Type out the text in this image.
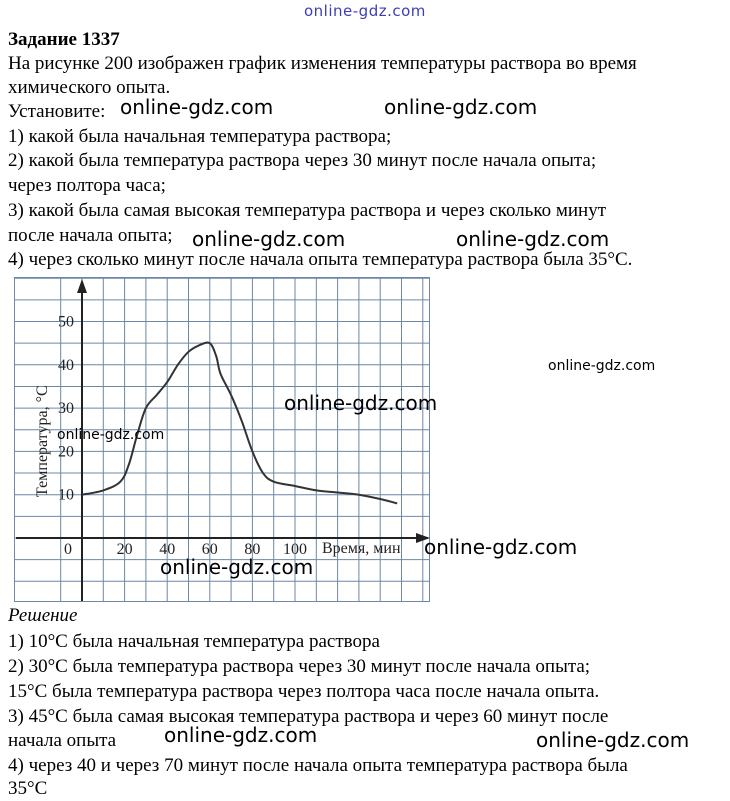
online-gdz.com
Задание 1337
На рисунке 200 изображен график изменения температуры раствора во время
химического опыта.
Установите:
1) какой была начальная температура раствора;
2) какой была температура раствора через 30 минут после начала опыта;
через полтора часа;
3) какой была самая высокая температура раствора и через сколько минут
после начала опыта;
4) через сколько минут после начала опыта температура раствора была 35°С.
0	20 40 60 80 100
10
20
30
40
50
Время, мин
Температура, °С
Решение
1) 10°С была начальная температура раствора
2) 30°С была температура раствора через 30 минут после начала опыта;
15°С была температура раствора через полтора часа после начала опыта.
3) 45°С была самая высокая температура раствора и через 60 минут после
начала опыта
4) через 40 и через 70 минут после начала опыта температура раствора была
35°С
online-gdz.com	online-gdz.com
online-gdz.com	online-gdz.com
online-gdz.com
online-gdz.com
online-gdz.com
online-gdz.com
online-gdz.com
online-gdz.com	online-gdz.com
